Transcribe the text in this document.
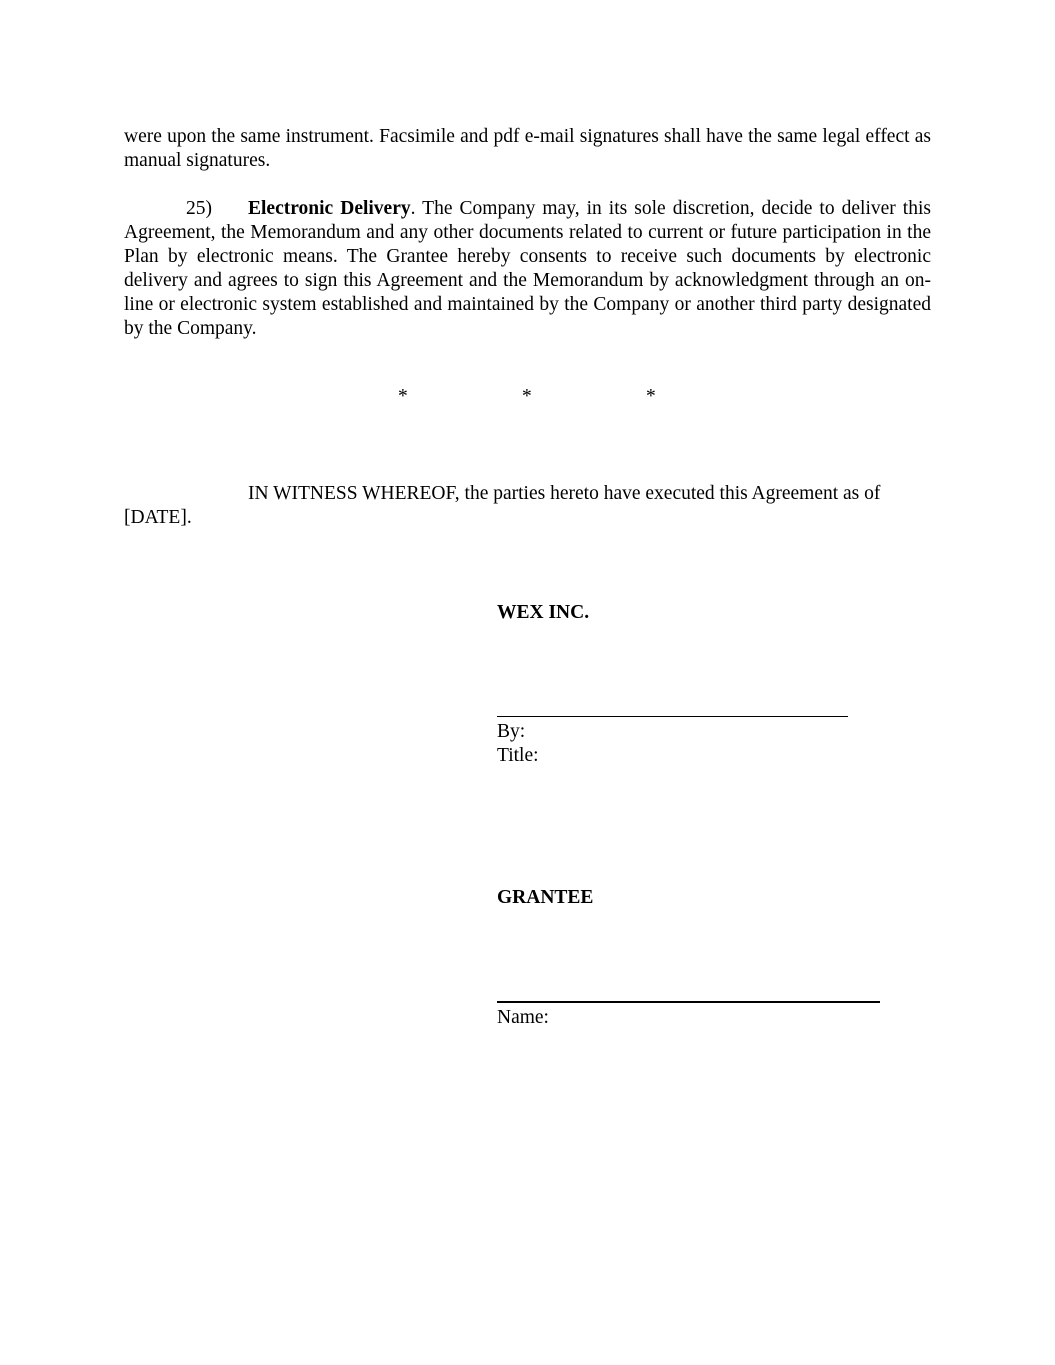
were upon the same instrument. Facsimile and pdf e-mail signatures shall have the same legal effect as manual signatures.

25) Electronic Delivery. The Company may, in its sole discretion, decide to deliver this Agreement, the Memorandum and any other documents related to current or future participation in the Plan by electronic means. The Grantee hereby consents to receive such documents by electronic delivery and agrees to sign this Agreement and the Memorandum by acknowledgment through an on-line or electronic system established and maintained by the Company or another third party designated by the Company.

*	*	*

IN WITNESS WHEREOF, the parties hereto have executed this Agreement as of
[DATE].

WEX INC.
By:
Title:
GRANTEE
Name:
